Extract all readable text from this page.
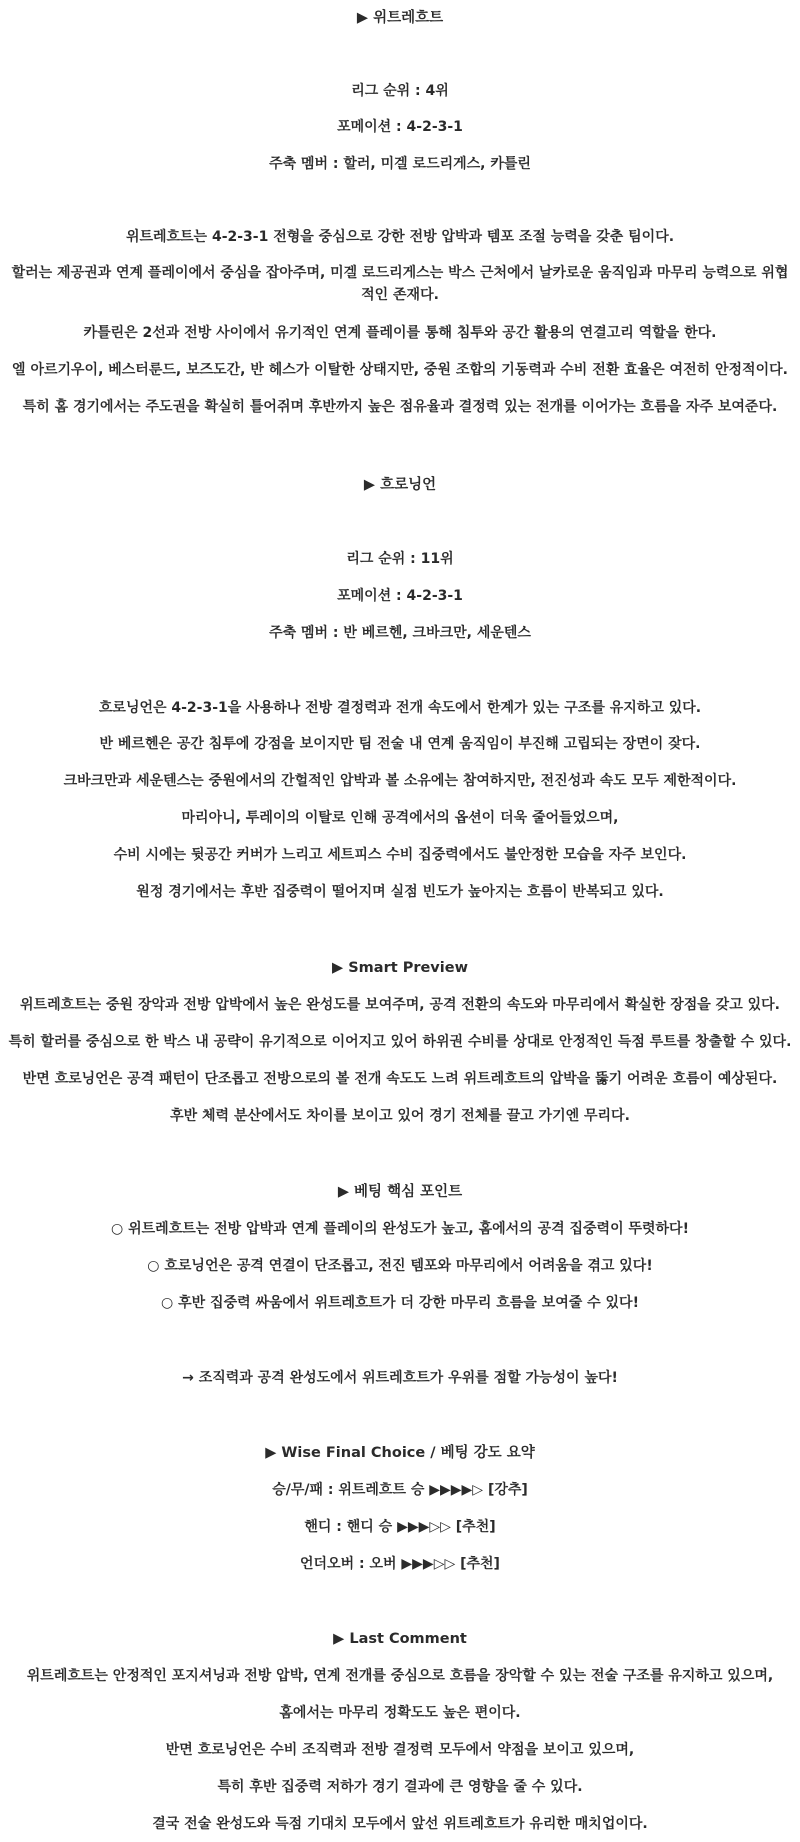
▶ 위트레흐트
리그 순위 : 4위
포메이션 : 4-2-3-1
주축 멤버 : 할러, 미겔 로드리게스, 카틀린
위트레흐트는 4-2-3-1 전형을 중심으로 강한 전방 압박과 템포 조절 능력을 갖춘 팀이다.
할러는 제공권과 연계 플레이에서 중심을 잡아주며, 미겔 로드리게스는 박스 근처에서 날카로운 움직임과 마무리 능력으로 위협적인 존재다.
카틀린은 2선과 전방 사이에서 유기적인 연계 플레이를 통해 침투와 공간 활용의 연결고리 역할을 한다.
엘 아르기우이, 베스터룬드, 보즈도간, 반 헤스가 이탈한 상태지만, 중원 조합의 기동력과 수비 전환 효율은 여전히 안정적이다.
특히 홈 경기에서는 주도권을 확실히 틀어쥐며 후반까지 높은 점유율과 결정력 있는 전개를 이어가는 흐름을 자주 보여준다.
▶ 흐로닝언
리그 순위 : 11위
포메이션 : 4-2-3-1
주축 멤버 : 반 베르헨, 크바크만, 세운텐스
흐로닝언은 4-2-3-1을 사용하나 전방 결정력과 전개 속도에서 한계가 있는 구조를 유지하고 있다.
반 베르헨은 공간 침투에 강점을 보이지만 팀 전술 내 연계 움직임이 부진해 고립되는 장면이 잦다.
크바크만과 세운텐스는 중원에서의 간헐적인 압박과 볼 소유에는 참여하지만, 전진성과 속도 모두 제한적이다.
마리아니, 투레이의 이탈로 인해 공격에서의 옵션이 더욱 줄어들었으며,
수비 시에는 뒷공간 커버가 느리고 세트피스 수비 집중력에서도 불안정한 모습을 자주 보인다.
원정 경기에서는 후반 집중력이 떨어지며 실점 빈도가 높아지는 흐름이 반복되고 있다.
▶ Smart Preview
위트레흐트는 중원 장악과 전방 압박에서 높은 완성도를 보여주며, 공격 전환의 속도와 마무리에서 확실한 장점을 갖고 있다.
특히 할러를 중심으로 한 박스 내 공략이 유기적으로 이어지고 있어 하위권 수비를 상대로 안정적인 득점 루트를 창출할 수 있다.
반면 흐로닝언은 공격 패턴이 단조롭고 전방으로의 볼 전개 속도도 느려 위트레흐트의 압박을 뚫기 어려운 흐름이 예상된다.
후반 체력 분산에서도 차이를 보이고 있어 경기 전체를 끌고 가기엔 무리다.
▶ 베팅 핵심 포인트
○ 위트레흐트는 전방 압박과 연계 플레이의 완성도가 높고, 홈에서의 공격 집중력이 뚜렷하다!
○ 흐로닝언은 공격 연결이 단조롭고, 전진 템포와 마무리에서 어려움을 겪고 있다!
○ 후반 집중력 싸움에서 위트레흐트가 더 강한 마무리 흐름을 보여줄 수 있다!
→ 조직력과 공격 완성도에서 위트레흐트가 우위를 점할 가능성이 높다!
▶ Wise Final Choice / 베팅 강도 요약
승/무/패 : 위트레흐트 승 ▶▶▶▶▷ [강추]
핸디 : 핸디 승 ▶▶▶▷▷ [추천]
언더오버 : 오버 ▶▶▶▷▷ [추천]
▶ Last Comment
위트레흐트는 안정적인 포지셔닝과 전방 압박, 연계 전개를 중심으로 흐름을 장악할 수 있는 전술 구조를 유지하고 있으며,
홈에서는 마무리 정확도도 높은 편이다.
반면 흐로닝언은 수비 조직력과 전방 결정력 모두에서 약점을 보이고 있으며,
특히 후반 집중력 저하가 경기 결과에 큰 영향을 줄 수 있다.
결국 전술 완성도와 득점 기대치 모두에서 앞선 위트레흐트가 유리한 매치업이다.
